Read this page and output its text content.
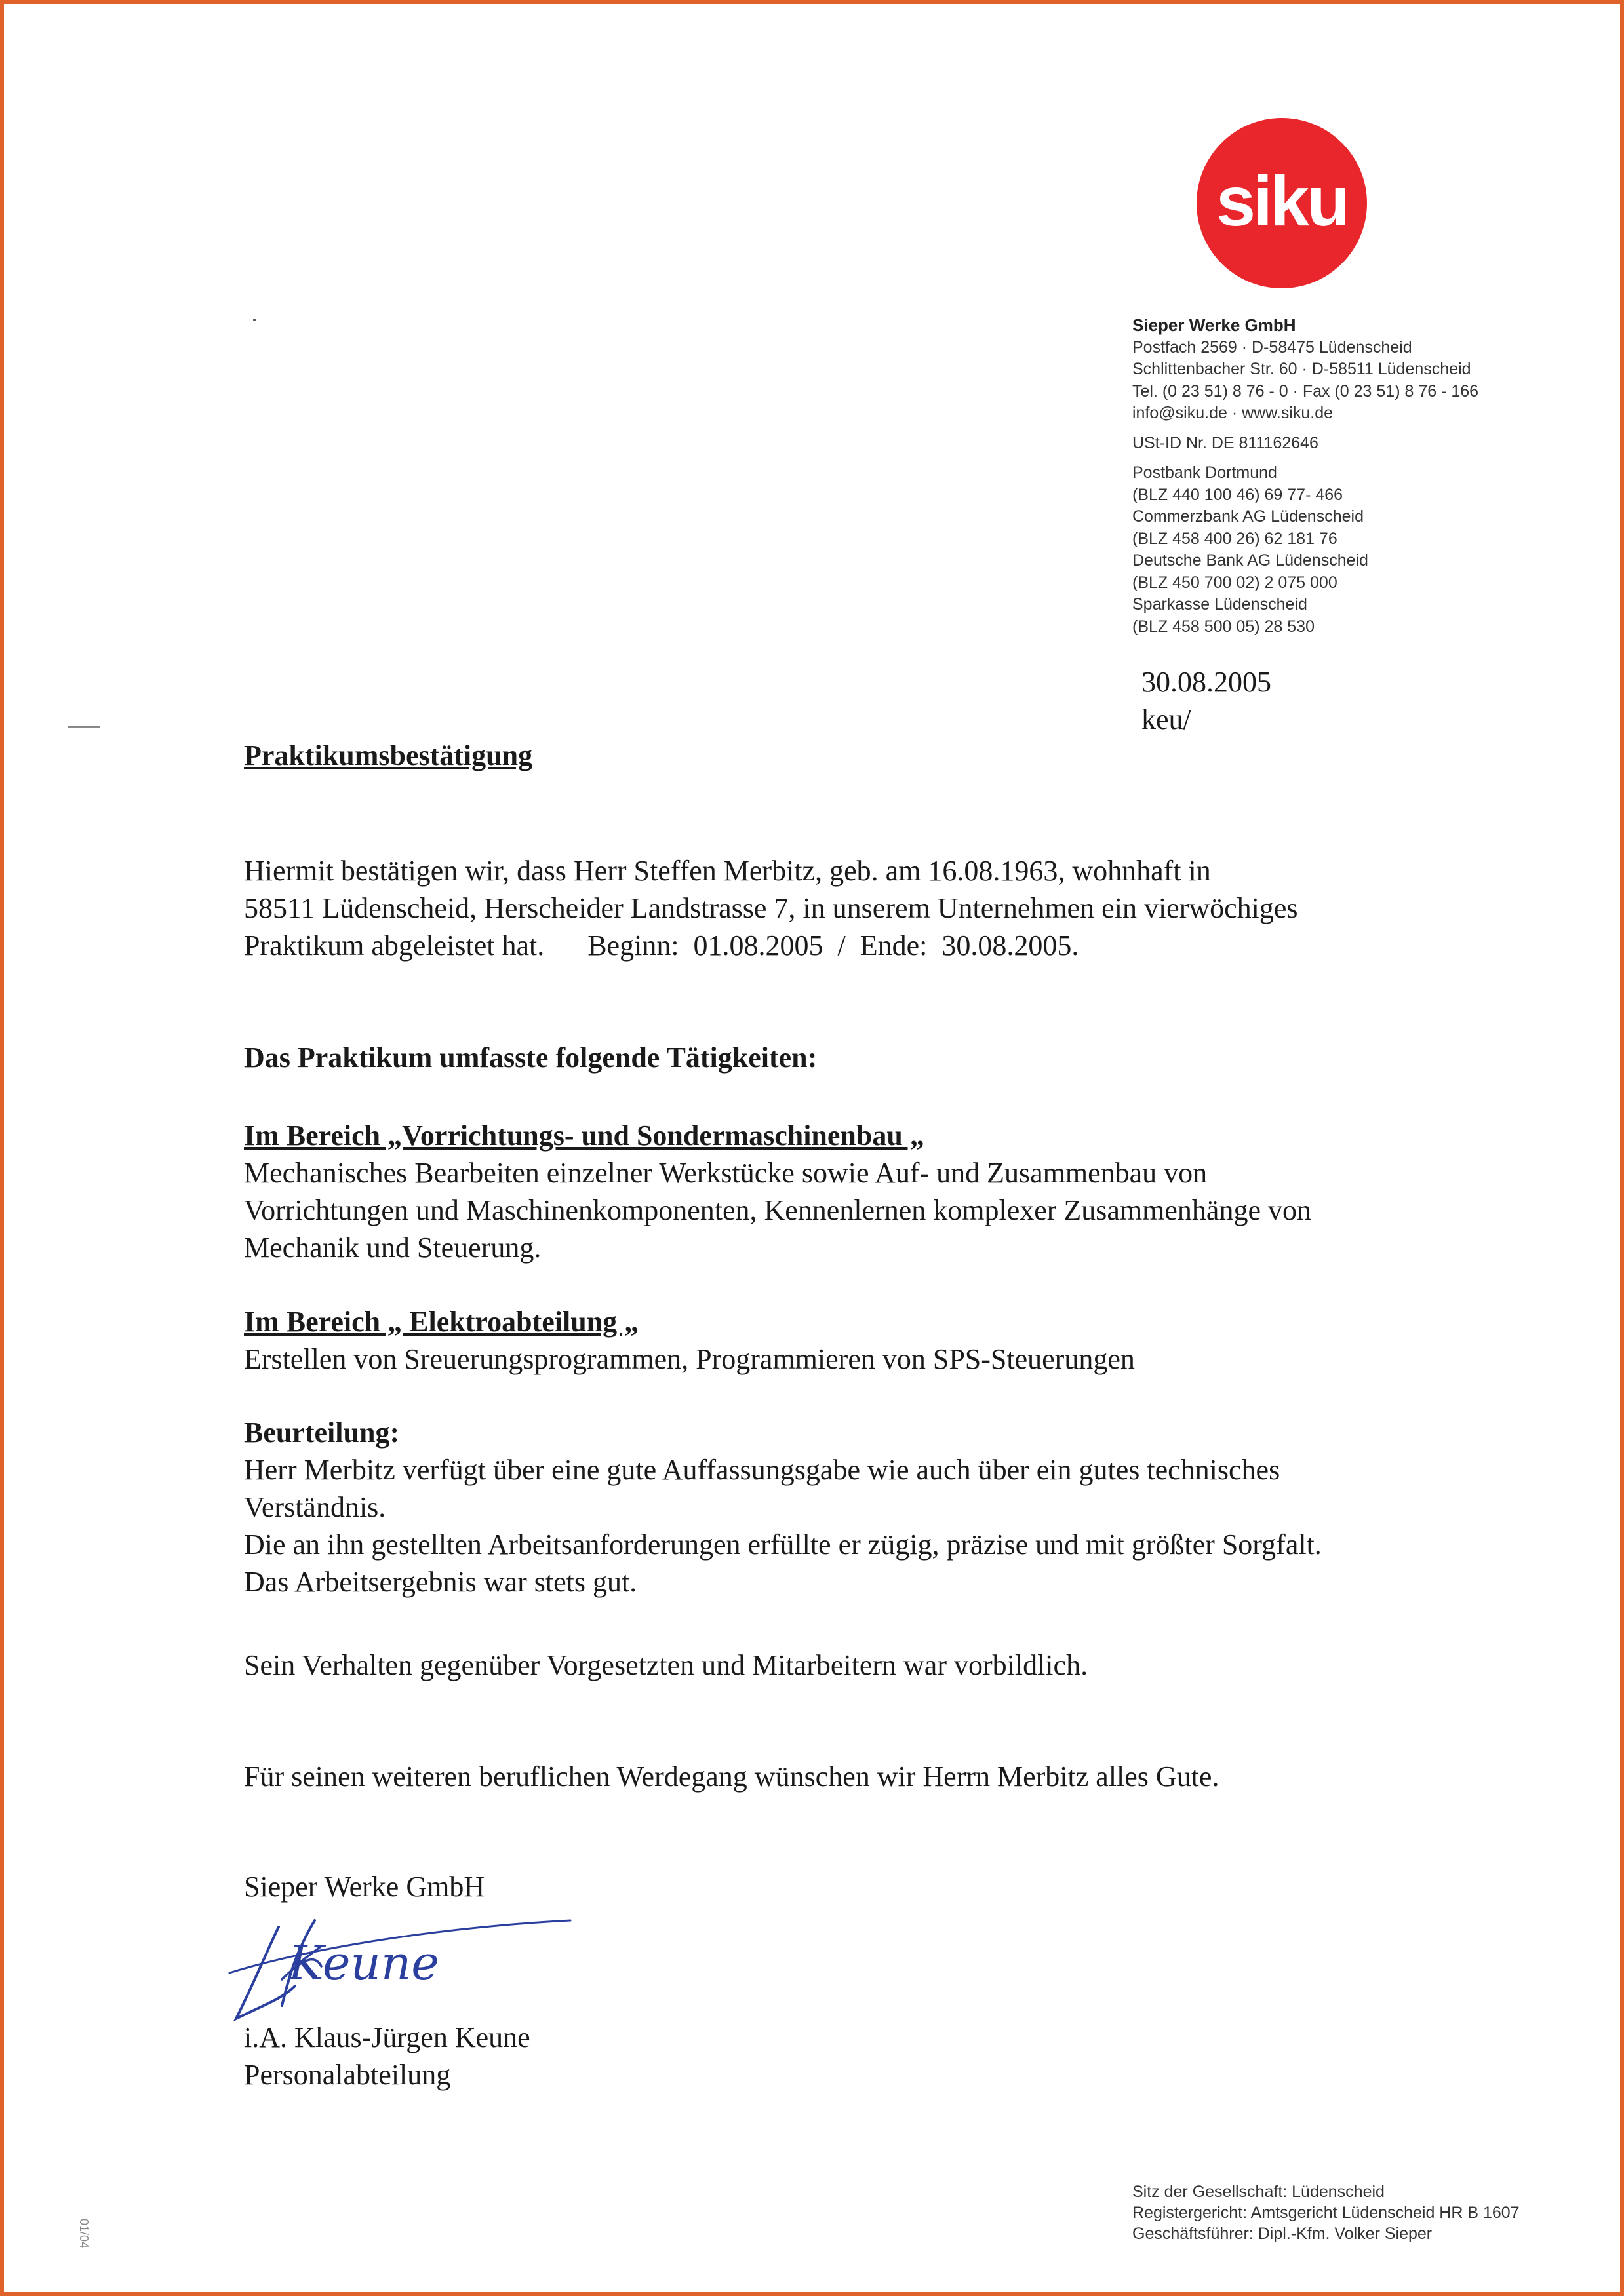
siku
Sieper Werke GmbH
Postfach 2569 · D-58475 Lüdenscheid
Schlittenbacher Str. 60 · D-58511 Lüdenscheid
Tel. (0 23 51) 8 76 - 0 · Fax (0 23 51) 8 76 - 166
info@siku.de · www.siku.de
USt-ID Nr. DE 811162646
Postbank Dortmund
(BLZ 440 100 46) 69 77- 466
Commerzbank AG Lüdenscheid
(BLZ 458 400 26) 62 181 76
Deutsche Bank AG Lüdenscheid
(BLZ 450 700 02) 2 075 000
Sparkasse Lüdenscheid
(BLZ 458 500 05) 28 530
30.08.2005
keu/
Praktikumsbestätigung
Hiermit bestätigen wir, dass Herr Steffen Merbitz, geb. am 16.08.1963, wohnhaft in
58511 Lüdenscheid, Herscheider Landstrasse 7, in unserem Unternehmen ein vierwöchiges
Praktikum abgeleistet hat.      Beginn:  01.08.2005  /  Ende:  30.08.2005.
Das Praktikum umfasste folgende Tätigkeiten:
Im Bereich „Vorrichtungs- und Sondermaschinenbau „
Mechanisches Bearbeiten einzelner Werkstücke sowie Auf- und Zusammenbau von
Vorrichtungen und Maschinenkomponenten, Kennenlernen komplexer Zusammenhänge von
Mechanik und Steuerung.
Im Bereich „ Elektroabteilung „
Erstellen von Sreuerungsprogrammen, Programmieren von SPS-Steuerungen
Beurteilung:
Herr Merbitz verfügt über eine gute Auffassungsgabe wie auch über ein gutes technisches
Verständnis.
Die an ihn gestellten Arbeitsanforderungen erfüllte er zügig, präzise und mit größter Sorgfalt.
Das Arbeitsergebnis war stets gut.
Sein Verhalten gegenüber Vorgesetzten und Mitarbeitern war vorbildlich.
Für seinen weiteren beruflichen Werdegang wünschen wir Herrn Merbitz alles Gute.
Sieper Werke GmbH
Keune
i.A. Klaus-Jürgen Keune
Personalabteilung
01/04
Sitz der Gesellschaft: Lüdenscheid
Registergericht: Amtsgericht Lüdenscheid HR B 1607
Geschäftsführer: Dipl.-Kfm. Volker Sieper
